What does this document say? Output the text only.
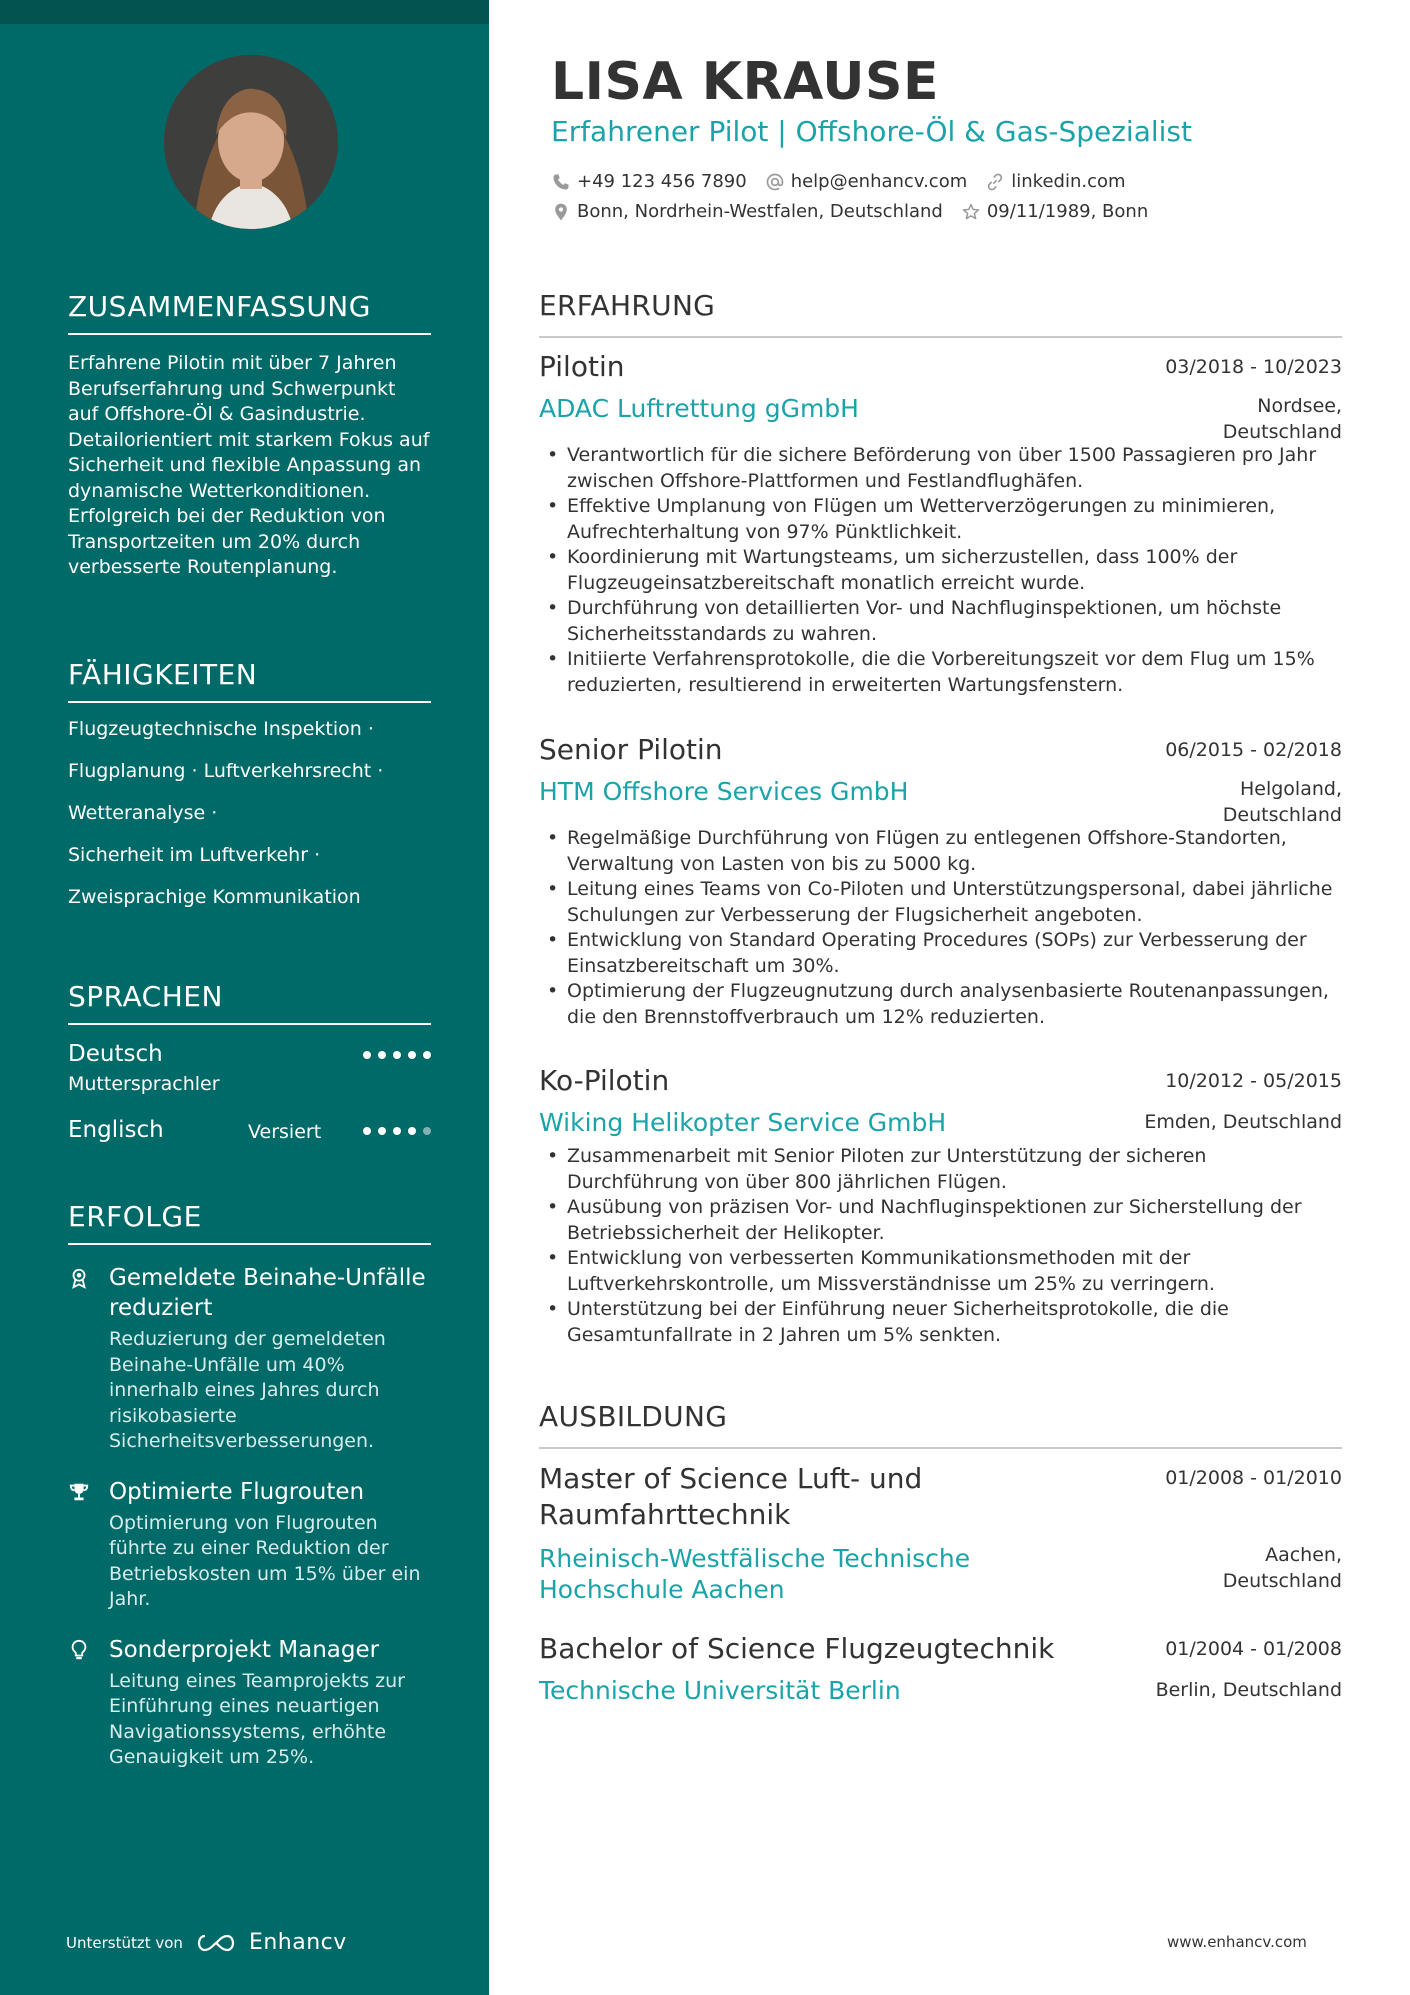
ZUSAMMENFASSUNG
Erfahrene Pilotin mit über 7 Jahren Berufserfahrung und Schwerpunkt auf Offshore-Öl & Gasindustrie. Detailorientiert mit starkem Fokus auf Sicherheit und flexible Anpassung an dynamische Wetterkonditionen. Erfolgreich bei der Reduktion von Transportzeiten um 20% durch verbesserte Routenplanung.
FÄHIGKEITEN
Flugzeugtechnische Inspektion ·
Flugplanung · Luftverkehrsrecht ·
Wetteranalyse ·
Sicherheit im Luftverkehr ·
Zweisprachige Kommunikation
SPRACHEN
Deutsch
Muttersprachler
Englisch	Versiert
ERFOLGE
Gemeldete Beinahe-Unfälle reduziert
Reduzierung der gemeldeten Beinahe-Unfälle um 40% innerhalb eines Jahres durch risikobasierte Sicherheitsverbesserungen.
Optimierte Flugrouten
Optimierung von Flugrouten führte zu einer Reduktion der Betriebskosten um 15% über ein Jahr.
Sonderprojekt Manager
Leitung eines Teamprojekts zur Einführung eines neuartigen Navigationssystems, erhöhte Genauigkeit um 25%.
Unterstützt von	Enhancv
LISA KRAUSE
Erfahrener Pilot | Offshore-Öl & Gas-Spezialist
+49 123 456 7890 help@enhancv.com linkedin.com
Bonn, Nordrhein-Westfalen, Deutschland 09/11/1989, Bonn
ERFAHRUNG
Pilotin	03/2018 - 10/2023
ADAC Luftrettung gGmbH	Nordsee,
Deutschland
• Verantwortlich für die sichere Beförderung von über 1500 Passagieren pro Jahr zwischen Offshore-Plattformen und Festlandflughäfen.
• Effektive Umplanung von Flügen um Wetterverzögerungen zu minimieren, Aufrechterhaltung von 97% Pünktlichkeit.
• Koordinierung mit Wartungsteams, um sicherzustellen, dass 100% der Flugzeugeinsatzbereitschaft monatlich erreicht wurde.
• Durchführung von detaillierten Vor- und Nachfluginspektionen, um höchste Sicherheitsstandards zu wahren.
• Initiierte Verfahrensprotokolle, die die Vorbereitungszeit vor dem Flug um 15% reduzierten, resultierend in erweiterten Wartungsfenstern.
Senior Pilotin	06/2015 - 02/2018
HTM Offshore Services GmbH	Helgoland,
Deutschland
• Regelmäßige Durchführung von Flügen zu entlegenen Offshore-Standorten, Verwaltung von Lasten von bis zu 5000 kg.
• Leitung eines Teams von Co-Piloten und Unterstützungspersonal, dabei jährliche Schulungen zur Verbesserung der Flugsicherheit angeboten.
• Entwicklung von Standard Operating Procedures (SOPs) zur Verbesserung der Einsatzbereitschaft um 30%.
• Optimierung der Flugzeugnutzung durch analysenbasierte Routenanpassungen, die den Brennstoffverbrauch um 12% reduzierten.
Ko-Pilotin	10/2012 - 05/2015
Wiking Helikopter Service GmbH	Emden, Deutschland
• Zusammenarbeit mit Senior Piloten zur Unterstützung der sicheren Durchführung von über 800 jährlichen Flügen.
• Ausübung von präzisen Vor- und Nachfluginspektionen zur Sicherstellung der Betriebssicherheit der Helikopter.
• Entwicklung von verbesserten Kommunikationsmethoden mit der Luftverkehrskontrolle, um Missverständnisse um 25% zu verringern.
• Unterstützung bei der Einführung neuer Sicherheitsprotokolle, die die Gesamtunfallrate in 2 Jahren um 5% senkten.
AUSBILDUNG
Master of Science Luft- und Raumfahrttechnik
01/2008 - 01/2010
Rheinisch-Westfälische Technische Hochschule Aachen
Aachen,
Deutschland
Bachelor of Science Flugzeugtechnik	01/2004 - 01/2008
Technische Universität Berlin	Berlin, Deutschland
www.enhancv.com
